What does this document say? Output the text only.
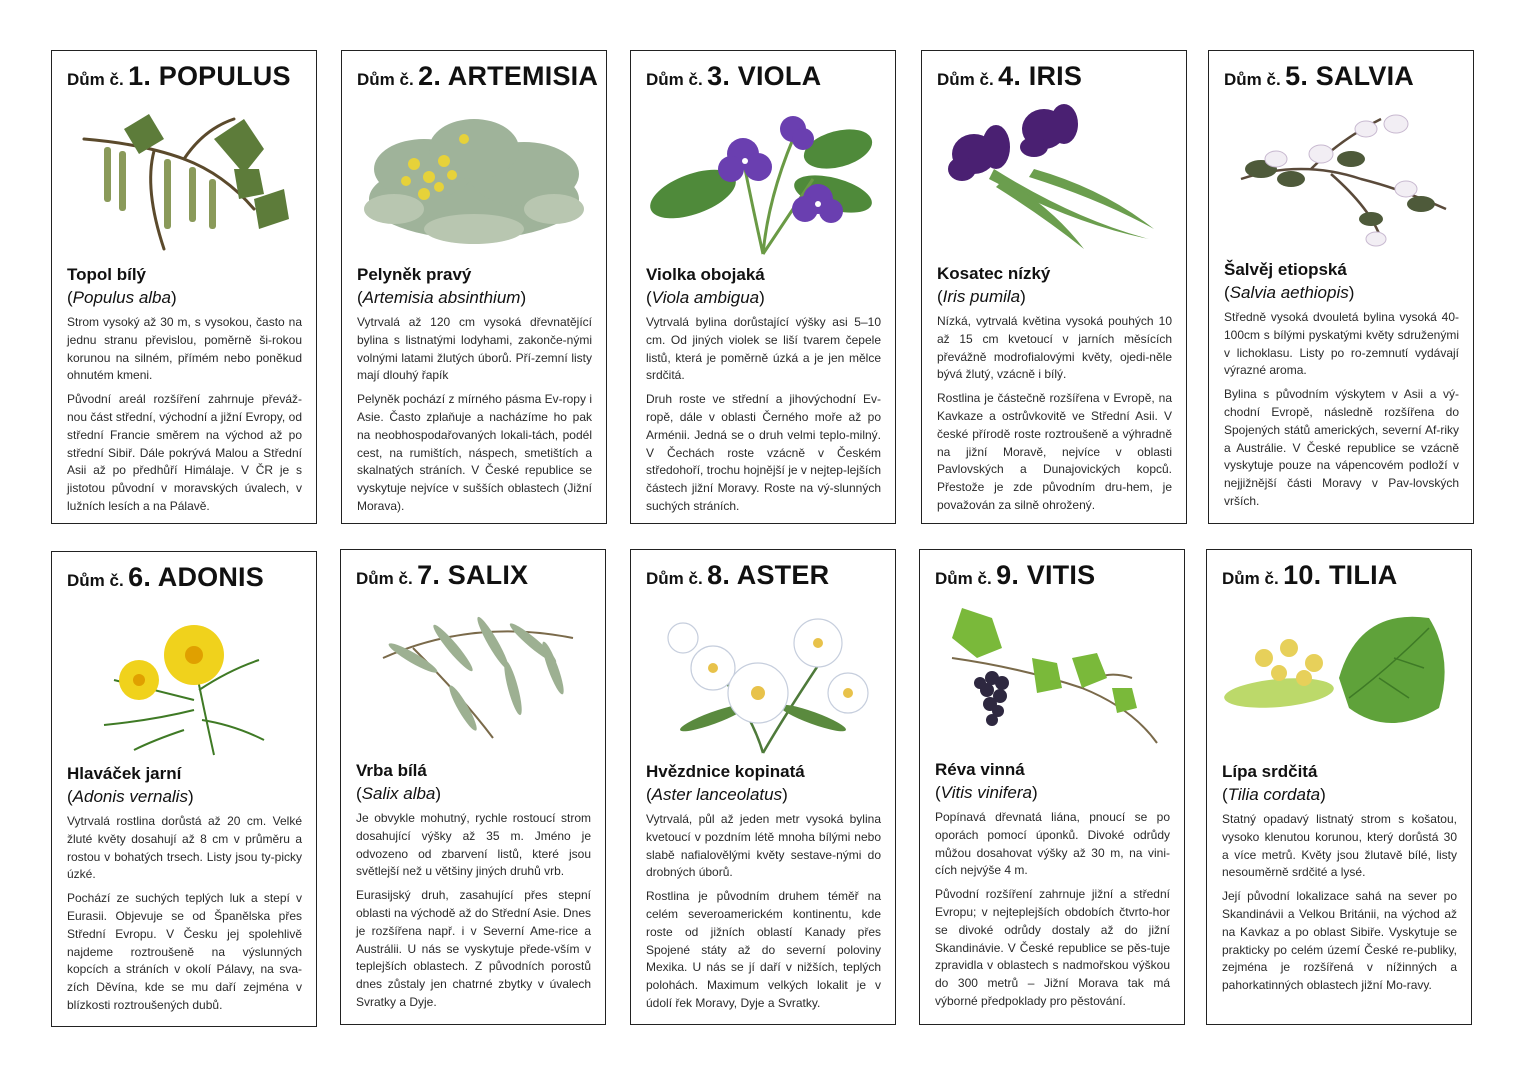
Dům č. 1. POPULUS
Topol bílý
(Populus alba)

Strom vysoký až 30 m, s vysokou, často na jednu stranu převislou, poměrně ši-rokou korunou na silném, přímém nebo poněkud ohnutém kmeni.

Původní areál rozšíření zahrnuje převáž-nou část střední, východní a jižní Evropy, od střední Francie směrem na východ až po střední Sibiř. Dále pokrývá Malou a Střední Asii až po předhůří Himálaje. V ČR je s jistotou původní v moravských úvalech, v lužních lesích a na Pálavě.

Dům č. 2. ARTEMISIA
Pelyněk pravý
(Artemisia absinthium)

Vytrvalá až 120 cm vysoká dřevnatějící bylina s listnatými lodyhami, zakonče-nými volnými latami žlutých úborů. Pří-zemní listy mají dlouhý řapík

Pelyněk pochází z mírného pásma Ev-ropy i Asie. Často zplaňuje a nacházíme ho pak na neobhospodařovaných lokali-tách, podél cest, na rumištích, náspech, smetištích a skalnatých stráních. V České republice se vyskytuje nejvíce v sušších oblastech (Jižní Morava).

Dům č. 3. VIOLA
Violka obojaká
(Viola ambigua)

Vytrvalá bylina dorůstající výšky asi 5–10 cm. Od jiných violek se liší tvarem čepele listů, která je poměrně úzká a je jen mělce srdčitá.

Druh roste ve střední a jihovýchodní Ev-ropě, dále v oblasti Černého moře až po Arménii. Jedná se o druh velmi teplo-milný. V Čechách roste vzácně v Českém středohoří, trochu hojnější je v nejtep-lejších částech jižní Moravy. Roste na vý-slunných suchých stráních.

Dům č. 4. IRIS
Kosatec nízký
(Iris pumila)

Nízká, vytrvalá květina vysoká pouhých 10 až 15 cm kvetoucí v jarních měsících převážně modrofialovými květy, ojedi-něle bývá žlutý, vzácně i bílý.

Rostlina je částečně rozšířena v Evropě, na Kavkaze a ostrůvkovitě ve Střední Asii. V české přírodě roste roztroušeně a výhradně na jižní Moravě, nejvíce v oblasti Pavlovských a Dunajovických kopců. Přestože je zde původním dru-hem, je považován za silně ohrožený.

Dům č. 5. SALVIA
Šalvěj etiopská
(Salvia aethiopis)

Středně vysoká dvouletá bylina vysoká 40-100cm s bílými pyskatými květy sdruženými v lichoklasu. Listy po ro-zemnutí vydávají výrazné aroma.

Bylina s původním výskytem v Asii a vý-chodní Evropě, následně rozšířena do Spojených států amerických, severní Af-riky a Austrálie. V České republice se vzácně vyskytuje pouze na vápencovém podloží v nejjižnější části Moravy v Pav-lovských vrších.

Dům č. 6. ADONIS
Hlaváček jarní
(Adonis vernalis)

Vytrvalá rostlina dorůstá až 20 cm. Velké žluté květy dosahují až 8 cm v průměru a rostou v bohatých trsech. Listy jsou ty-picky úzké.

Pochází ze suchých teplých luk a stepí v Eurasii. Objevuje se od Španělska přes Střední Evropu. V Česku jej spolehlivě najdeme roztroušeně na výslunných kopcích a stráních v okolí Pálavy, na sva-zích Děvína, kde se mu daří zejména v blízkosti roztroušených dubů.

Dům č. 7. SALIX
Vrba bílá
(Salix alba)

Je obvykle mohutný, rychle rostoucí strom dosahující výšky až 35 m. Jméno je odvozeno od zbarvení listů, které jsou světlejší než u většiny jiných druhů vrb.

Eurasijský druh, zasahující přes stepní oblasti na východě až do Střední Asie. Dnes je rozšířena např. i v Severní Ame-rice a Austrálii. U nás se vyskytuje přede-vším v teplejších oblastech. Z původních porostů dnes zůstaly jen chatrné zbytky v úvalech Svratky a Dyje.

Dům č. 8. ASTER
Hvězdnice kopinatá
(Aster lanceolatus)

Vytrvalá, půl až jeden metr vysoká bylina kvetoucí v pozdním létě mnoha bílými nebo slabě nafialovělými květy sestave-nými do drobných úborů.

Rostlina je původním druhem téměř na celém severoamerickém kontinentu, kde roste od jižních oblastí Kanady přes Spojené státy až do severní poloviny Mexika. U nás se jí daří v nižších, teplých polohách. Maximum velkých lokalit je v údolí řek Moravy, Dyje a Svratky.

Dům č. 9. VITIS
Réva vinná
(Vitis vinifera)

Popínavá dřevnatá liána, pnoucí se po oporách pomocí úponků. Divoké odrůdy můžou dosahovat výšky až 30 m, na vini-cích nejvýše 4 m.

Původní rozšíření zahrnuje jižní a střední Evropu; v nejteplejších obdobích čtvrto-hor se divoké odrůdy dostaly až do jižní Skandinávie. V České republice se pěs-tuje zpravidla v oblastech s nadmořskou výškou do 300 metrů – Jižní Morava tak má výborné předpoklady pro pěstování.

Dům č. 10. TILIA
Lípa srdčitá
(Tilia cordata)

Statný opadavý listnatý strom s košatou, vysoko klenutou korunou, který dorůstá 30 a více metrů. Květy jsou žlutavě bílé, listy nesouměrně srdčité a lysé.

Její původní lokalizace sahá na sever po Skandinávii a Velkou Británii, na východ až na Kavkaz a po oblast Sibiře. Vyskytuje se prakticky po celém území České re-publiky, zejména je rozšířená v nížinných a pahorkatinných oblastech jižní Mo-ravy.
